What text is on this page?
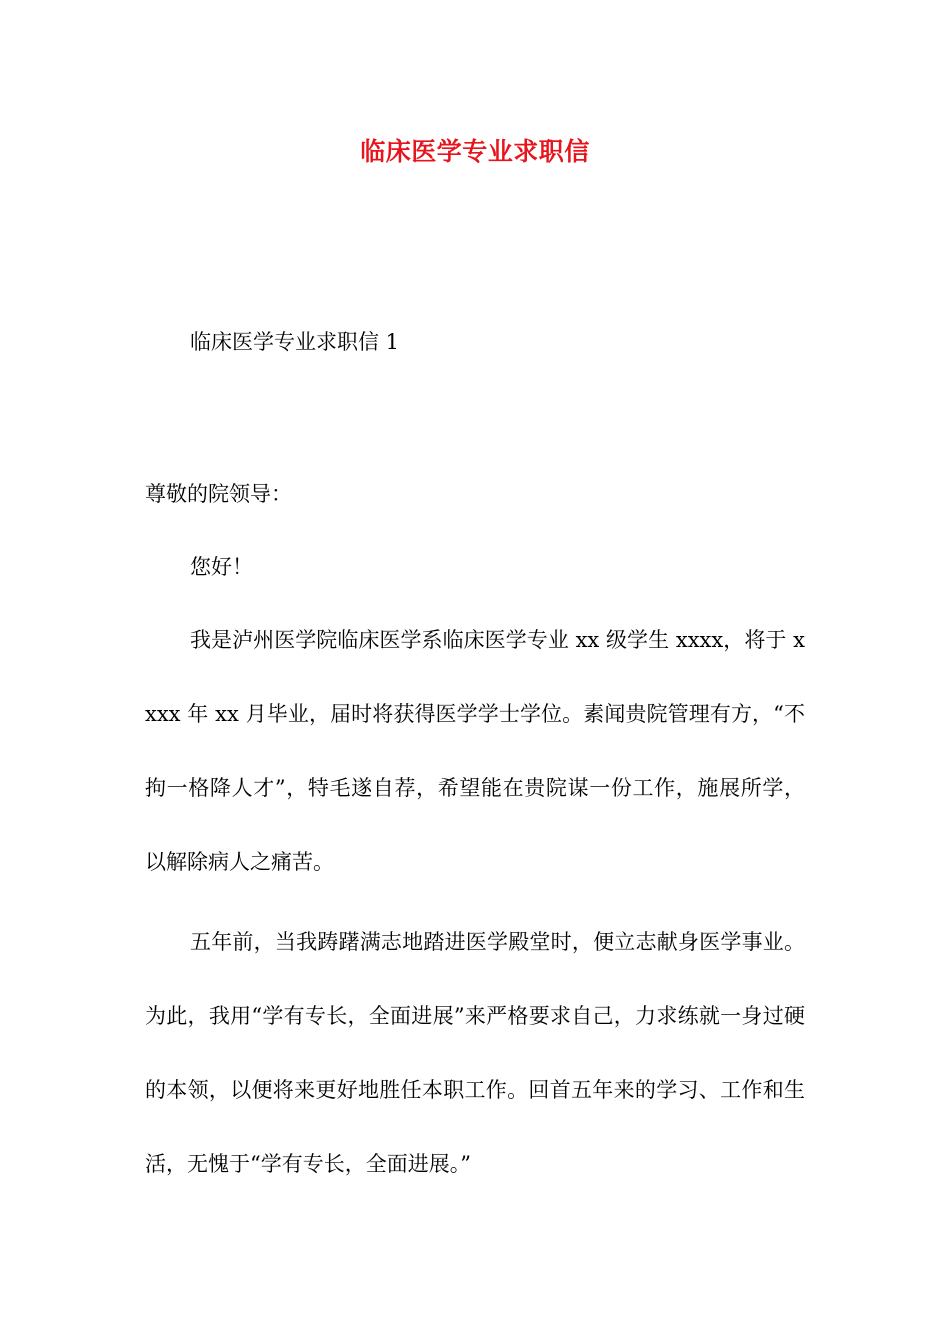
临床医学专业求职信
临床医学专业求职信 1
尊敬的院领导：
您好！

我是泸州医学院临床医学系临床医学专业 xx 级学生 xxxx，将于 xxxx 年 xx 月毕业，届时将获得医学学士学位。素闻贵院管理有方，“不拘一格降人才”，特毛遂自荐，希望能在贵院谋一份工作，施展所学，以解除病人之痛苦。

五年前，当我踌躇满志地踏进医学殿堂时，便立志献身医学事业。为此，我用“学有专长，全面进展”来严格要求自己，力求练就一身过硬的本领，以便将来更好地胜任本职工作。回首五年来的学习、工作和生活，无愧于“学有专长，全面进展。”
